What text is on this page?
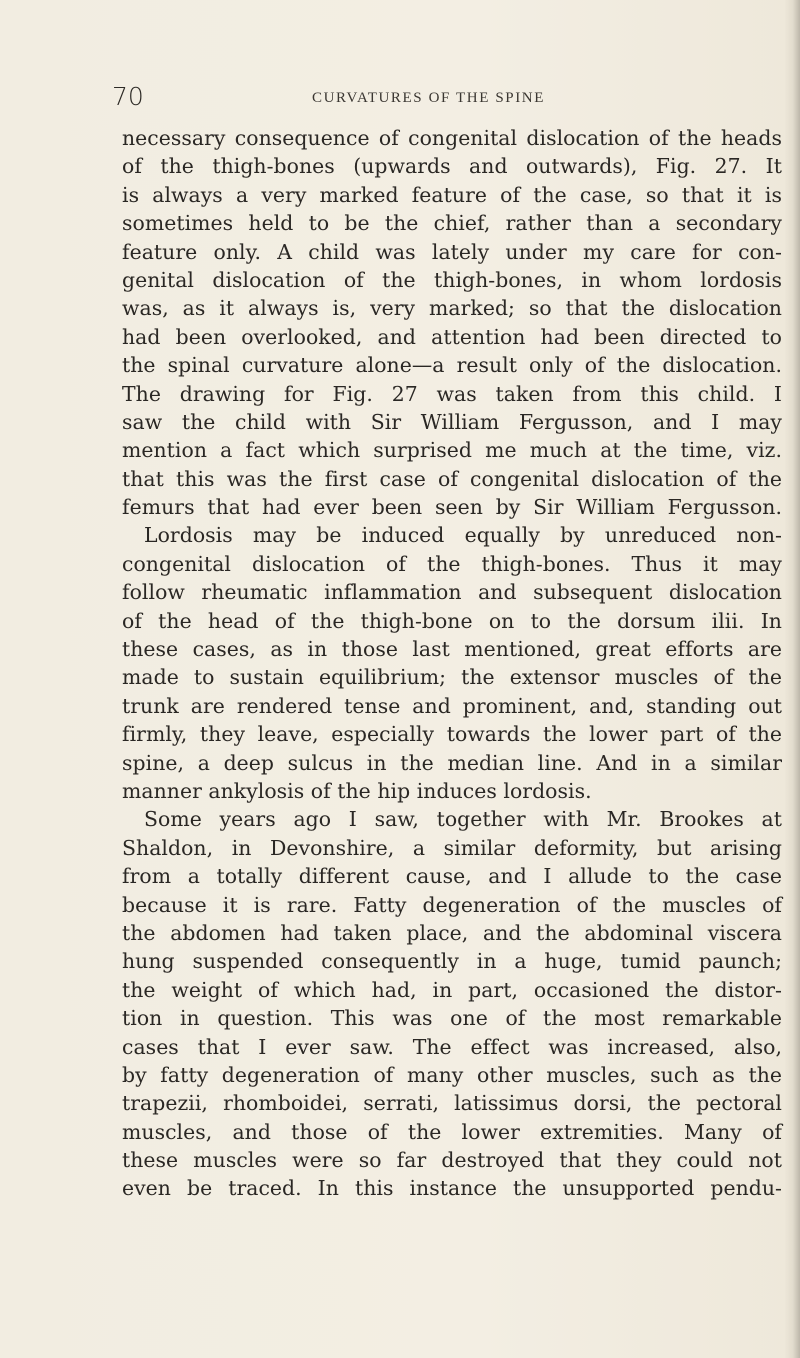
70	CURVATURES OF THE SPINE
necessary consequence of congenital dislocation of the heads
of the thigh-bones (upwards and outwards), Fig. 27. It
is always a very marked feature of the case, so that it is
sometimes held to be the chief, rather than a secondary
feature only. A child was lately under my care for con-
genital dislocation of the thigh-bones, in whom lordosis
was, as it always is, very marked; so that the dislocation
had been overlooked, and attention had been directed to
the spinal curvature alone—a result only of the dislocation.
The drawing for Fig. 27 was taken from this child. I
saw the child with Sir William Fergusson, and I may
mention a fact which surprised me much at the time, viz.
that this was the first case of congenital dislocation of the
femurs that had ever been seen by Sir William Fergusson.
Lordosis may be induced equally by unreduced non-
congenital dislocation of the thigh-bones. Thus it may
follow rheumatic inflammation and subsequent dislocation
of the head of the thigh-bone on to the dorsum ilii. In
these cases, as in those last mentioned, great efforts are
made to sustain equilibrium; the extensor muscles of the
trunk are rendered tense and prominent, and, standing out
firmly, they leave, especially towards the lower part of the
spine, a deep sulcus in the median line. And in a similar
manner ankylosis of the hip induces lordosis.
Some years ago I saw, together with Mr. Brookes at
Shaldon, in Devonshire, a similar deformity, but arising
from a totally different cause, and I allude to the case
because it is rare. Fatty degeneration of the muscles of
the abdomen had taken place, and the abdominal viscera
hung suspended consequently in a huge, tumid paunch;
the weight of which had, in part, occasioned the distor-
tion in question. This was one of the most remarkable
cases that I ever saw. The effect was increased, also,
by fatty degeneration of many other muscles, such as the
trapezii, rhomboidei, serrati, latissimus dorsi, the pectoral
muscles, and those of the lower extremities. Many of
these muscles were so far destroyed that they could not
even be traced. In this instance the unsupported pendu-
